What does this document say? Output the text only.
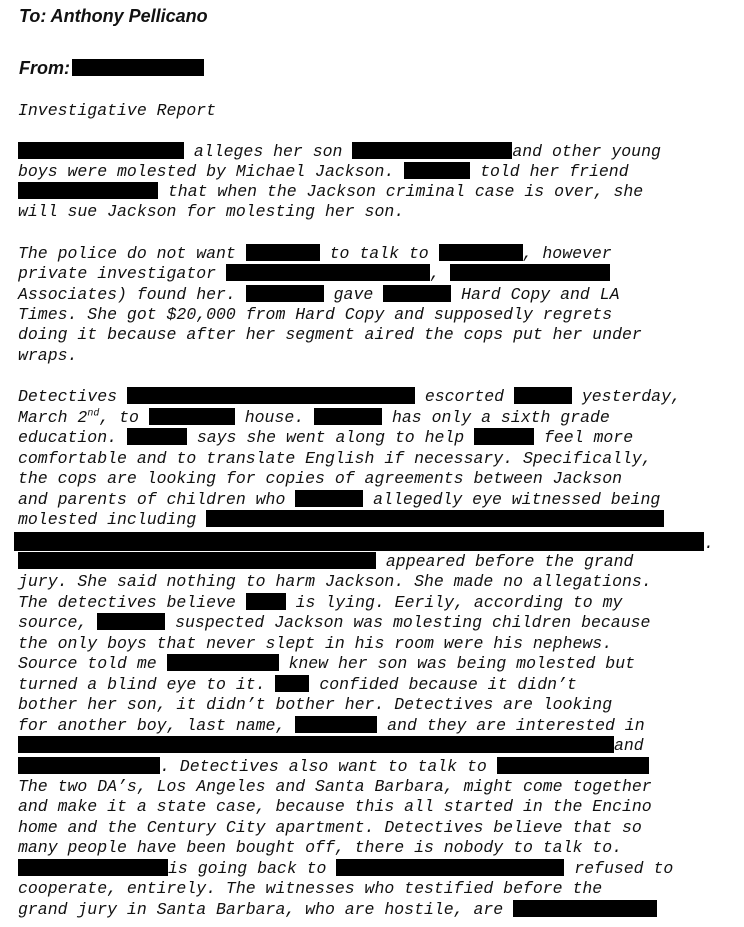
To: Anthony Pellicano
From:
Investigative Report
alleges her son	and other young
boys were molested by Michael Jackson.	told her friend
that when the Jackson criminal case is over, she
will sue Jackson for molesting her son.
The police do not want	to talk to	, however
private investigator	,
Associates) found her.	gave	Hard Copy and LA
Times. She got $20,000 from Hard Copy and supposedly regrets
doing it because after her segment aired the cops put her under
wraps.
Detectives	escorted	yesterday,
March 2nd, to	house.	has only a sixth grade
education.	says she went along to help	feel more
comfortable and to translate English if necessary. Specifically,
the cops are looking for copies of agreements between Jackson
and parents of children who	allegedly eye witnessed being
molested including
.
appeared before the grand
jury. She said nothing to harm Jackson. She made no allegations.
The detectives believe	is lying. Eerily, according to my
source,	suspected Jackson was molesting children because
the only boys that never slept in his room were his nephews.
Source told me	knew her son was being molested but
turned a blind eye to it.	confided because it didn’t
bother her son, it didn’t bother her. Detectives are looking
for another boy, last name,	and they are interested in
and
. Detectives also want to talk to
The two DA’s, Los Angeles and Santa Barbara, might come together
and make it a state case, because this all started in the Encino
home and the Century City apartment. Detectives believe that so
many people have been bought off, there is nobody to talk to.
is going back to	refused to
cooperate, entirely. The witnesses who testified before the
grand jury in Santa Barbara, who are hostile, are
